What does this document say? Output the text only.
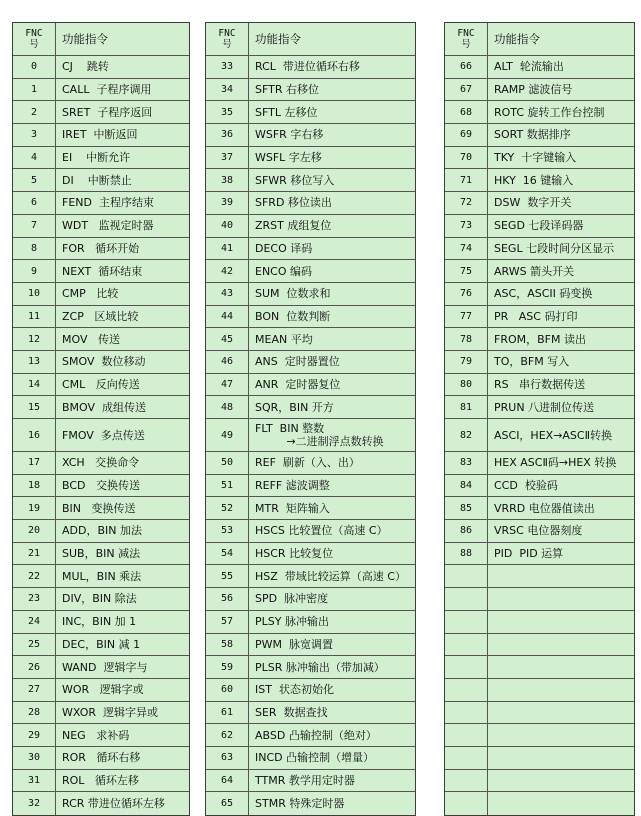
FNC
号	功能指令
0	CJ    跳转
1	CALL  子程序调用
2	SRET  子程序返回
3	IRET  中断返回
4	EI    中断允许
5	DI    中断禁止
6	FEND  主程序结束
7	WDT   监视定时器
8	FOR   循环开始
9	NEXT  循环结束
10	CMP   比较
11	ZCP   区域比较
12	MOV   传送
13	SMOV  数位移动
14	CML   反向传送
15	BMOV  成组传送
16	FMOV  多点传送
17	XCH   交换命令
18	BCD   交换传送
19	BIN   变换传送
20	ADD，BIN 加法
21	SUB，BIN 减法
22	MUL，BIN 乘法
23	DIV，BIN 除法
24	INC，BIN 加 1
25	DEC，BIN 减 1
26	WAND  逻辑字与
27	WOR   逻辑字或
28	WXOR  逻辑字异或
29	NEG   求补码
30	ROR   循环右移
31	ROL   循环左移
32	RCR 带进位循环左移
FNC
号	功能指令
33	RCL  带进位循环右移
34	SFTR 右移位
35	SFTL 左移位
36	WSFR 字右移
37	WSFL 字左移
38	SFWR 移位写入
39	SFRD 移位读出
40	ZRST 成组复位
41	DECO 译码
42	ENCO 编码
43	SUM  位数求和
44	BON  位数判断
45	MEAN 平均
46	ANS  定时器置位
47	ANR  定时器复位
48	SQR，BIN 开方
49	FLT  BIN 整数
→二进制浮点数转换
50	REF  刷新（入、出）
51	REFF 滤波调整
52	MTR  矩阵输入
53	HSCS 比较置位（高速 C）
54	HSCR 比较复位
55	HSZ  带域比较运算（高速 C）
56	SPD  脉冲密度
57	PLSY 脉冲输出
58	PWM  脉宽调置
59	PLSR 脉冲输出（带加减）
60	IST  状态初始化
61	SER  数据查找
62	ABSD 凸输控制（绝对）
63	INCD 凸输控制（增量）
64	TTMR 教学用定时器
65	STMR 特殊定时器
FNC
号	功能指令
66	ALT  轮流输出
67	RAMP 滤波信号
68	ROTC 旋转工作台控制
69	SORT 数据排序
70	TKY  十字键输入
71	HKY  16 键输入
72	DSW  数字开关
73	SEGD 七段译码器
74	SEGL 七段时间分区显示
75	ARWS 箭头开关
76	ASC，ASCII 码变换
77	PR   ASC 码打印
78	FROM，BFM 读出
79	TO，BFM 写入
80	RS   串行数据传送
81	PRUN 八进制位传送
82	ASCI，HEX→ASCⅡ转换
83	HEX ASCⅡ码→HEX 转换
84	CCD  校验码
85	VRRD 电位器值读出
86	VRSC 电位器刻度
88	PID  PID 运算
